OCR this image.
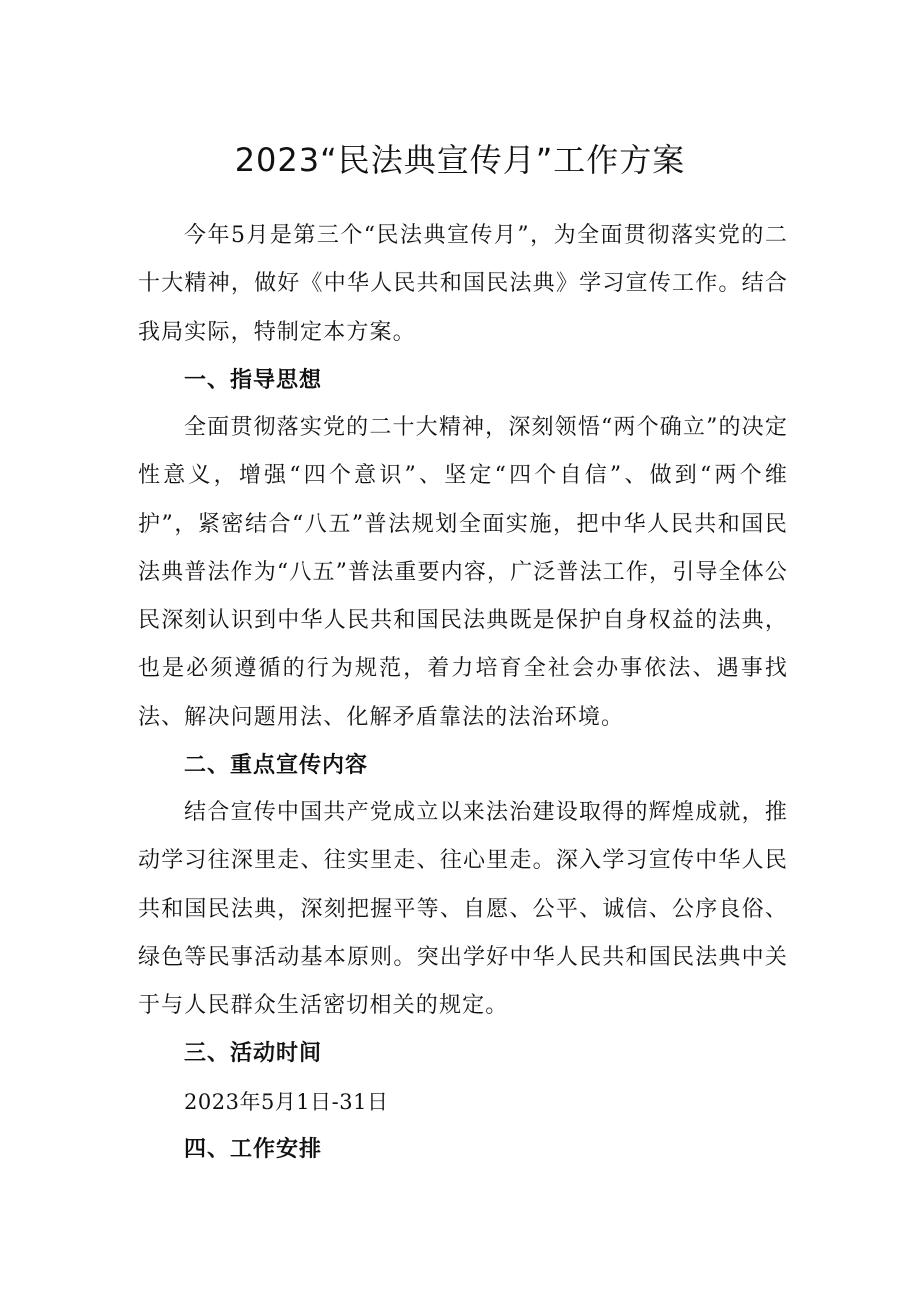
2023“民法典宣传月”工作方案

今年5月是第三个“民法典宣传月”，为全面贯彻落实党的二十大精神，做好《中华人民共和国民法典》学习宣传工作。结合我局实际，特制定本方案。

一、指导思想

全面贯彻落实党的二十大精神，深刻领悟“两个确立”的决定性意义，增强“四个意识”、坚定“四个自信”、做到“两个维护”，紧密结合“八五”普法规划全面实施，把中华人民共和国民法典普法作为“八五”普法重要内容，广泛普法工作，引导全体公民深刻认识到中华人民共和国民法典既是保护自身权益的法典，也是必须遵循的行为规范，着力培育全社会办事依法、遇事找法、解决问题用法、化解矛盾靠法的法治环境。

二、重点宣传内容

结合宣传中国共产党成立以来法治建设取得的辉煌成就，推动学习往深里走、往实里走、往心里走。深入学习宣传中华人民共和国民法典，深刻把握平等、自愿、公平、诚信、公序良俗、绿色等民事活动基本原则。突出学好中华人民共和国民法典中关于与人民群众生活密切相关的规定。

三、活动时间

2023年5月1日-31日

四、工作安排
